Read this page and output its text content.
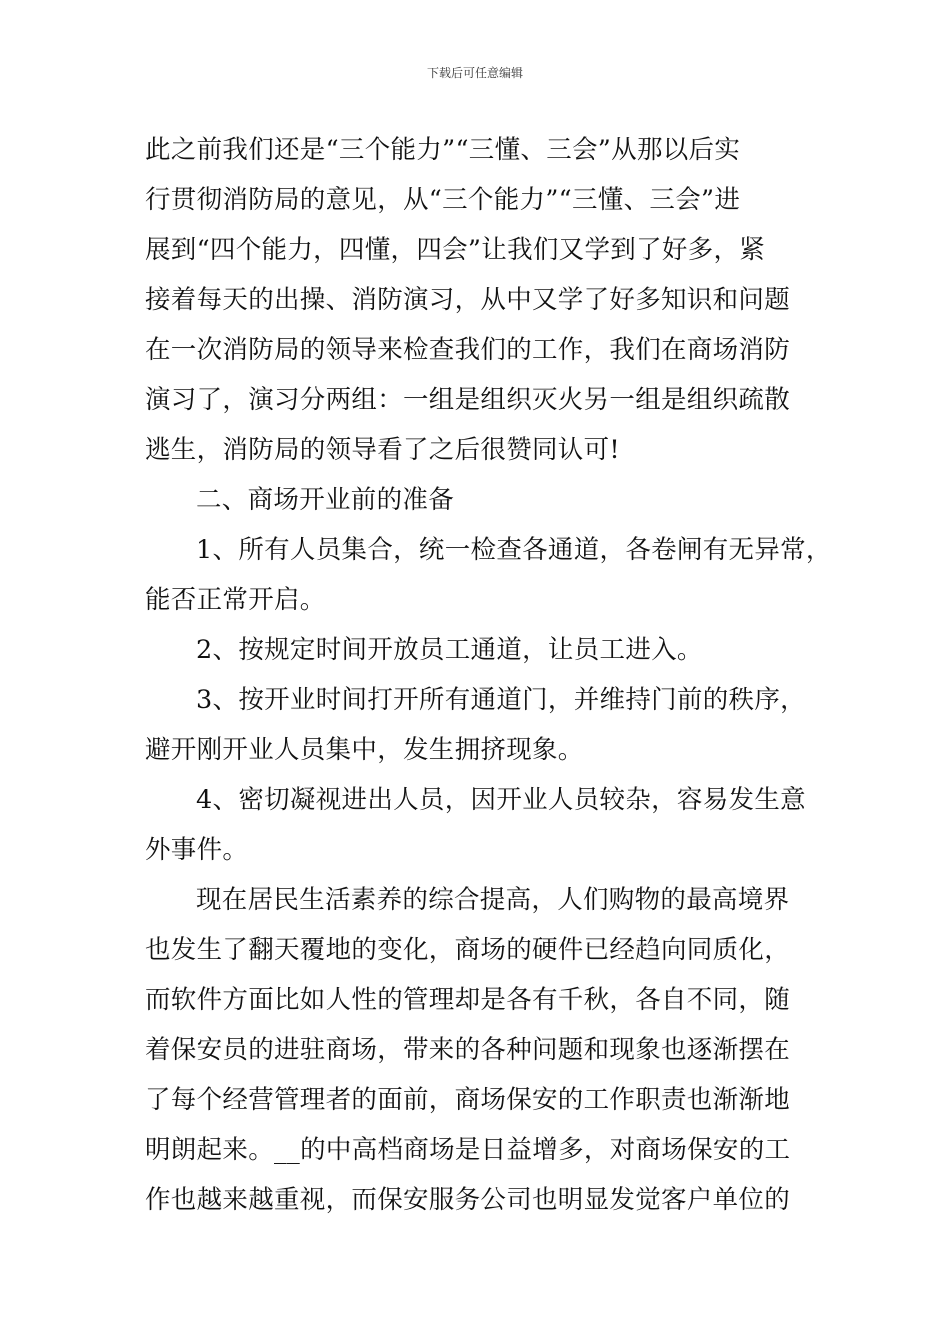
下载后可任意编辑
此之前我们还是“三个能力”“三懂、三会”从那以后实
行贯彻消防局的意见，从“三个能力”“三懂、三会”进
展到“四个能力，四懂，四会”让我们又学到了好多，紧
接着每天的出操、消防演习，从中又学了好多知识和问题
在一次消防局的领导来检查我们的工作，我们在商场消防
演习了，演习分两组：一组是组织灭火另一组是组织疏散
逃生，消防局的领导看了之后很赞同认可!
二、商场开业前的准备
1、所有人员集合，统一检查各通道，各卷闸有无异常，
能否正常开启。
2、按规定时间开放员工通道，让员工进入。
3、按开业时间打开所有通道门，并维持门前的秩序，
避开刚开业人员集中，发生拥挤现象。
4、密切凝视进出人员，因开业人员较杂，容易发生意
外事件。
现在居民生活素养的综合提高，人们购物的最高境界
也发生了翻天覆地的变化，商场的硬件已经趋向同质化，
而软件方面比如人性的管理却是各有千秋，各自不同，随
着保安员的进驻商场，带来的各种问题和现象也逐渐摆在
了每个经营管理者的面前，商场保安的工作职责也渐渐地
明朗起来。__的中高档商场是日益增多，对商场保安的工
作也越来越重视，而保安服务公司也明显发觉客户单位的
